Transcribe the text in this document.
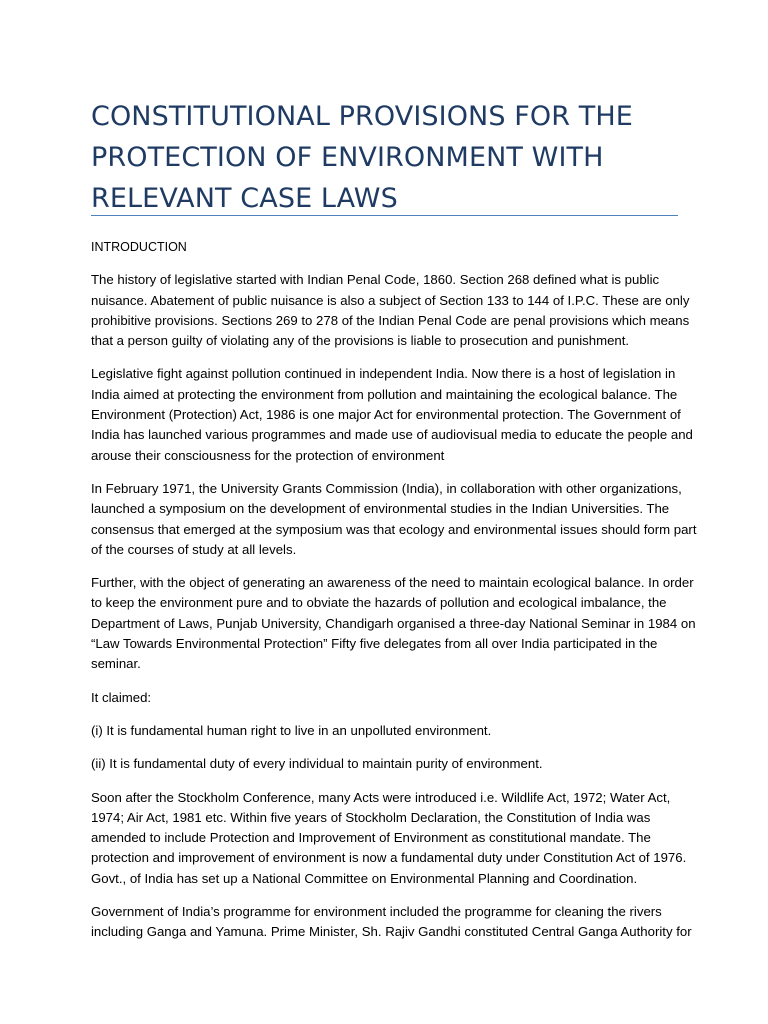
CONSTITUTIONAL PROVISIONS FOR THE
PROTECTION OF ENVIRONMENT WITH
RELEVANT CASE LAWS
INTRODUCTION
The history of legislative started with Indian Penal Code, 1860. Section 268 defined what is public
nuisance. Abatement of public nuisance is also a subject of Section 133 to 144 of I.P.C. These are only
prohibitive provisions. Sections 269 to 278 of the Indian Penal Code are penal provisions which means
that a person guilty of violating any of the provisions is liable to prosecution and punishment.
Legislative fight against pollution continued in independent India. Now there is a host of legislation in
India aimed at protecting the environment from pollution and maintaining the ecological balance. The
Environment (Protection) Act, 1986 is one major Act for environmental protection. The Government of
India has launched various programmes and made use of audiovisual media to educate the people and
arouse their consciousness for the protection of environment
In February 1971, the University Grants Commission (India), in collaboration with other organizations,
launched a symposium on the development of environmental studies in the Indian Universities. The
consensus that emerged at the symposium was that ecology and environmental issues should form part
of the courses of study at all levels.
Further, with the object of generating an awareness of the need to maintain ecological balance. In order
to keep the environment pure and to obviate the hazards of pollution and ecological imbalance, the
Department of Laws, Punjab University, Chandigarh organised a three-day National Seminar in 1984 on
“Law Towards Environmental Protection” Fifty five delegates from all over India participated in the
seminar.
It claimed:
(i) It is fundamental human right to live in an unpolluted environment.
(ii) It is fundamental duty of every individual to maintain purity of environment.
Soon after the Stockholm Conference, many Acts were introduced i.e. Wildlife Act, 1972; Water Act,
1974; Air Act, 1981 etc. Within five years of Stockholm Declaration, the Constitution of India was
amended to include Protection and Improvement of Environment as constitutional mandate. The
protection and improvement of environment is now a fundamental duty under Constitution Act of 1976.
Govt., of India has set up a National Committee on Environmental Planning and Coordination.
Government of India’s programme for environment included the programme for cleaning the rivers
including Ganga and Yamuna. Prime Minister, Sh. Rajiv Gandhi constituted Central Ganga Authority for
